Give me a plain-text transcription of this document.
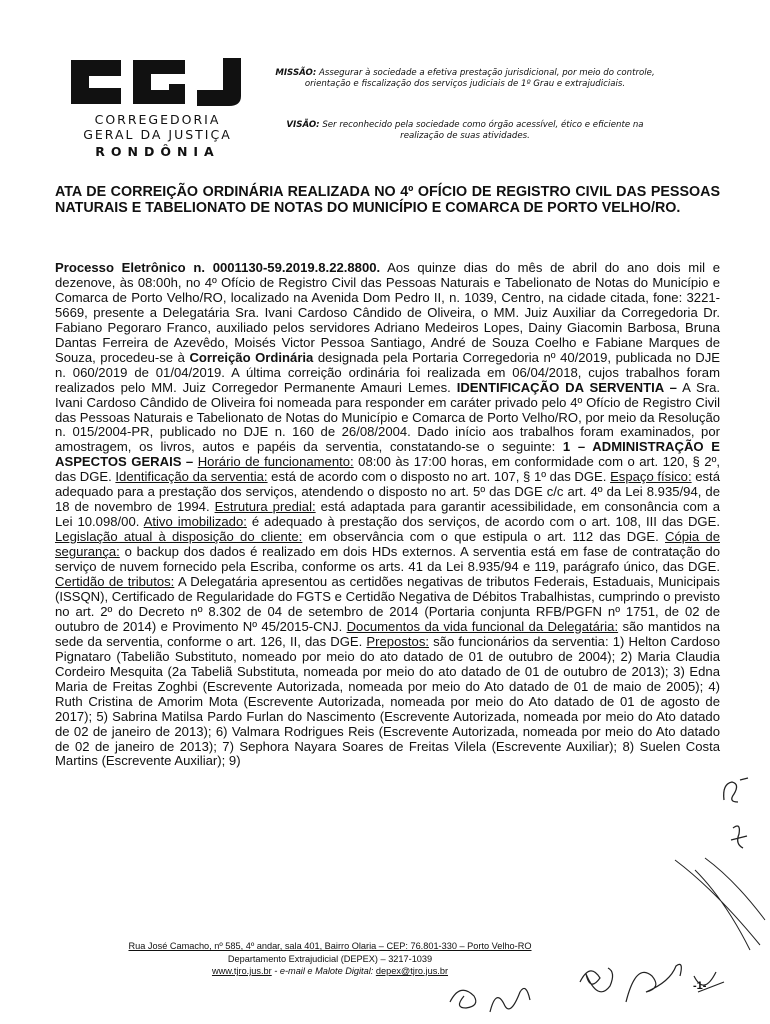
CORREGEDORIA
GERAL DA JUSTIÇA
RONDÔNIA
MISSÃO: Assegurar à sociedade a efetiva prestação jurisdicional, por meio do controle, orientação e fiscalização dos serviços judiciais de 1º Grau e extrajudiciais.
VISÃO: Ser reconhecido pela sociedade como órgão acessível, ético e eficiente na realização de suas atividades.
ATA DE CORREIÇÃO ORDINÁRIA REALIZADA NO 4º OFÍCIO DE REGISTRO CIVIL DAS PESSOAS NATURAIS E TABELIONATO DE NOTAS DO MUNICÍPIO E COMARCA DE PORTO VELHO/RO.
Processo Eletrônico n. 0001130-59.2019.8.22.8800. Aos quinze dias do mês de abril do ano dois mil e dezenove, às 08:00h, no 4º Ofício de Registro Civil das Pessoas Naturais e Tabelionato de Notas do Município e Comarca de Porto Velho/RO, localizado na Avenida Dom Pedro II, n. 1039, Centro, na cidade citada, fone: 3221-5669, presente a Delegatária Sra. Ivani Cardoso Cândido de Oliveira, o MM. Juiz Auxiliar da Corregedoria Dr. Fabiano Pegoraro Franco, auxiliado pelos servidores Adriano Medeiros Lopes, Dainy Giacomin Barbosa, Bruna Dantas Ferreira de Azevêdo, Moisés Victor Pessoa Santiago, André de Souza Coelho e Fabiane Marques de Souza, procedeu-se à Correição Ordinária designada pela Portaria Corregedoria nº 40/2019, publicada no DJE n. 060/2019 de 01/04/2019. A última correição ordinária foi realizada em 06/04/2018, cujos trabalhos foram realizados pelo MM. Juiz Corregedor Permanente Amauri Lemes. IDENTIFICAÇÃO DA SERVENTIA – A Sra. Ivani Cardoso Cândido de Oliveira foi nomeada para responder em caráter privado pelo 4º Ofício de Registro Civil das Pessoas Naturais e Tabelionato de Notas do Município e Comarca de Porto Velho/RO, por meio da Resolução n. 015/2004-PR, publicado no DJE n. 160 de 26/08/2004. Dado início aos trabalhos foram examinados, por amostragem, os livros, autos e papéis da serventia, constatando-se o seguinte: 1 – ADMINISTRAÇÃO E ASPECTOS GERAIS – Horário de funcionamento: 08:00 às 17:00 horas, em conformidade com o art. 120, § 2º, das DGE. Identificação da serventia: está de acordo com o disposto no art. 107, § 1º das DGE. Espaço físico: está adequado para a prestação dos serviços, atendendo o disposto no art. 5º das DGE c/c art. 4º da Lei 8.935/94, de 18 de novembro de 1994. Estrutura predial: está adaptada para garantir acessibilidade, em consonância com a Lei 10.098/00. Ativo imobilizado: é adequado à prestação dos serviços, de acordo com o art. 108, III das DGE. Legislação atual à disposição do cliente: em observância com o que estipula o art. 112 das DGE. Cópia de segurança: o backup dos dados é realizado em dois HDs externos. A serventia está em fase de contratação do serviço de nuvem fornecido pela Escriba, conforme os arts. 41 da Lei 8.935/94 e 119, parágrafo único, das DGE. Certidão de tributos: A Delegatária apresentou as certidões negativas de tributos Federais, Estaduais, Municipais (ISSQN), Certificado de Regularidade do FGTS e Certidão Negativa de Débitos Trabalhistas, cumprindo o previsto no art. 2º do Decreto nº 8.302 de 04 de setembro de 2014 (Portaria conjunta RFB/PGFN nº 1751, de 02 de outubro de 2014) e Provimento Nº 45/2015-CNJ. Documentos da vida funcional da Delegatária: são mantidos na sede da serventia, conforme o art. 126, II, das DGE. Prepostos: são funcionários da serventia: 1) Helton Cardoso Pignataro (Tabelião Substituto, nomeado por meio do ato datado de 01 de outubro de 2004); 2) Maria Claudia Cordeiro Mesquita (2a Tabeliã Substituta, nomeada por meio do ato datado de 01 de outubro de 2013); 3) Edna Maria de Freitas Zoghbi (Escrevente Autorizada, nomeada por meio do Ato datado de 01 de maio de 2005); 4) Ruth Cristina de Amorim Mota (Escrevente Autorizada, nomeada por meio do Ato datado de 01 de agosto de 2017); 5) Sabrina Matilsa Pardo Furlan do Nascimento (Escrevente Autorizada, nomeada por meio do Ato datado de 02 de janeiro de 2013); 6) Valmara Rodrigues Reis (Escrevente Autorizada, nomeada por meio do Ato datado de 02 de janeiro de 2013); 7) Sephora Nayara Soares de Freitas Vilela (Escrevente Auxiliar); 8) Suelen Costa Martins (Escrevente Auxiliar); 9)
Rua José Camacho, nº 585, 4º andar, sala 401, Bairro Olaria – CEP: 76.801-330 – Porto Velho-RO
Departamento Extrajudicial (DEPEX) – 3217-1039
www.tjro.jus.br - e-mail e Malote Digital: depex@tjro.jus.br
-1-
